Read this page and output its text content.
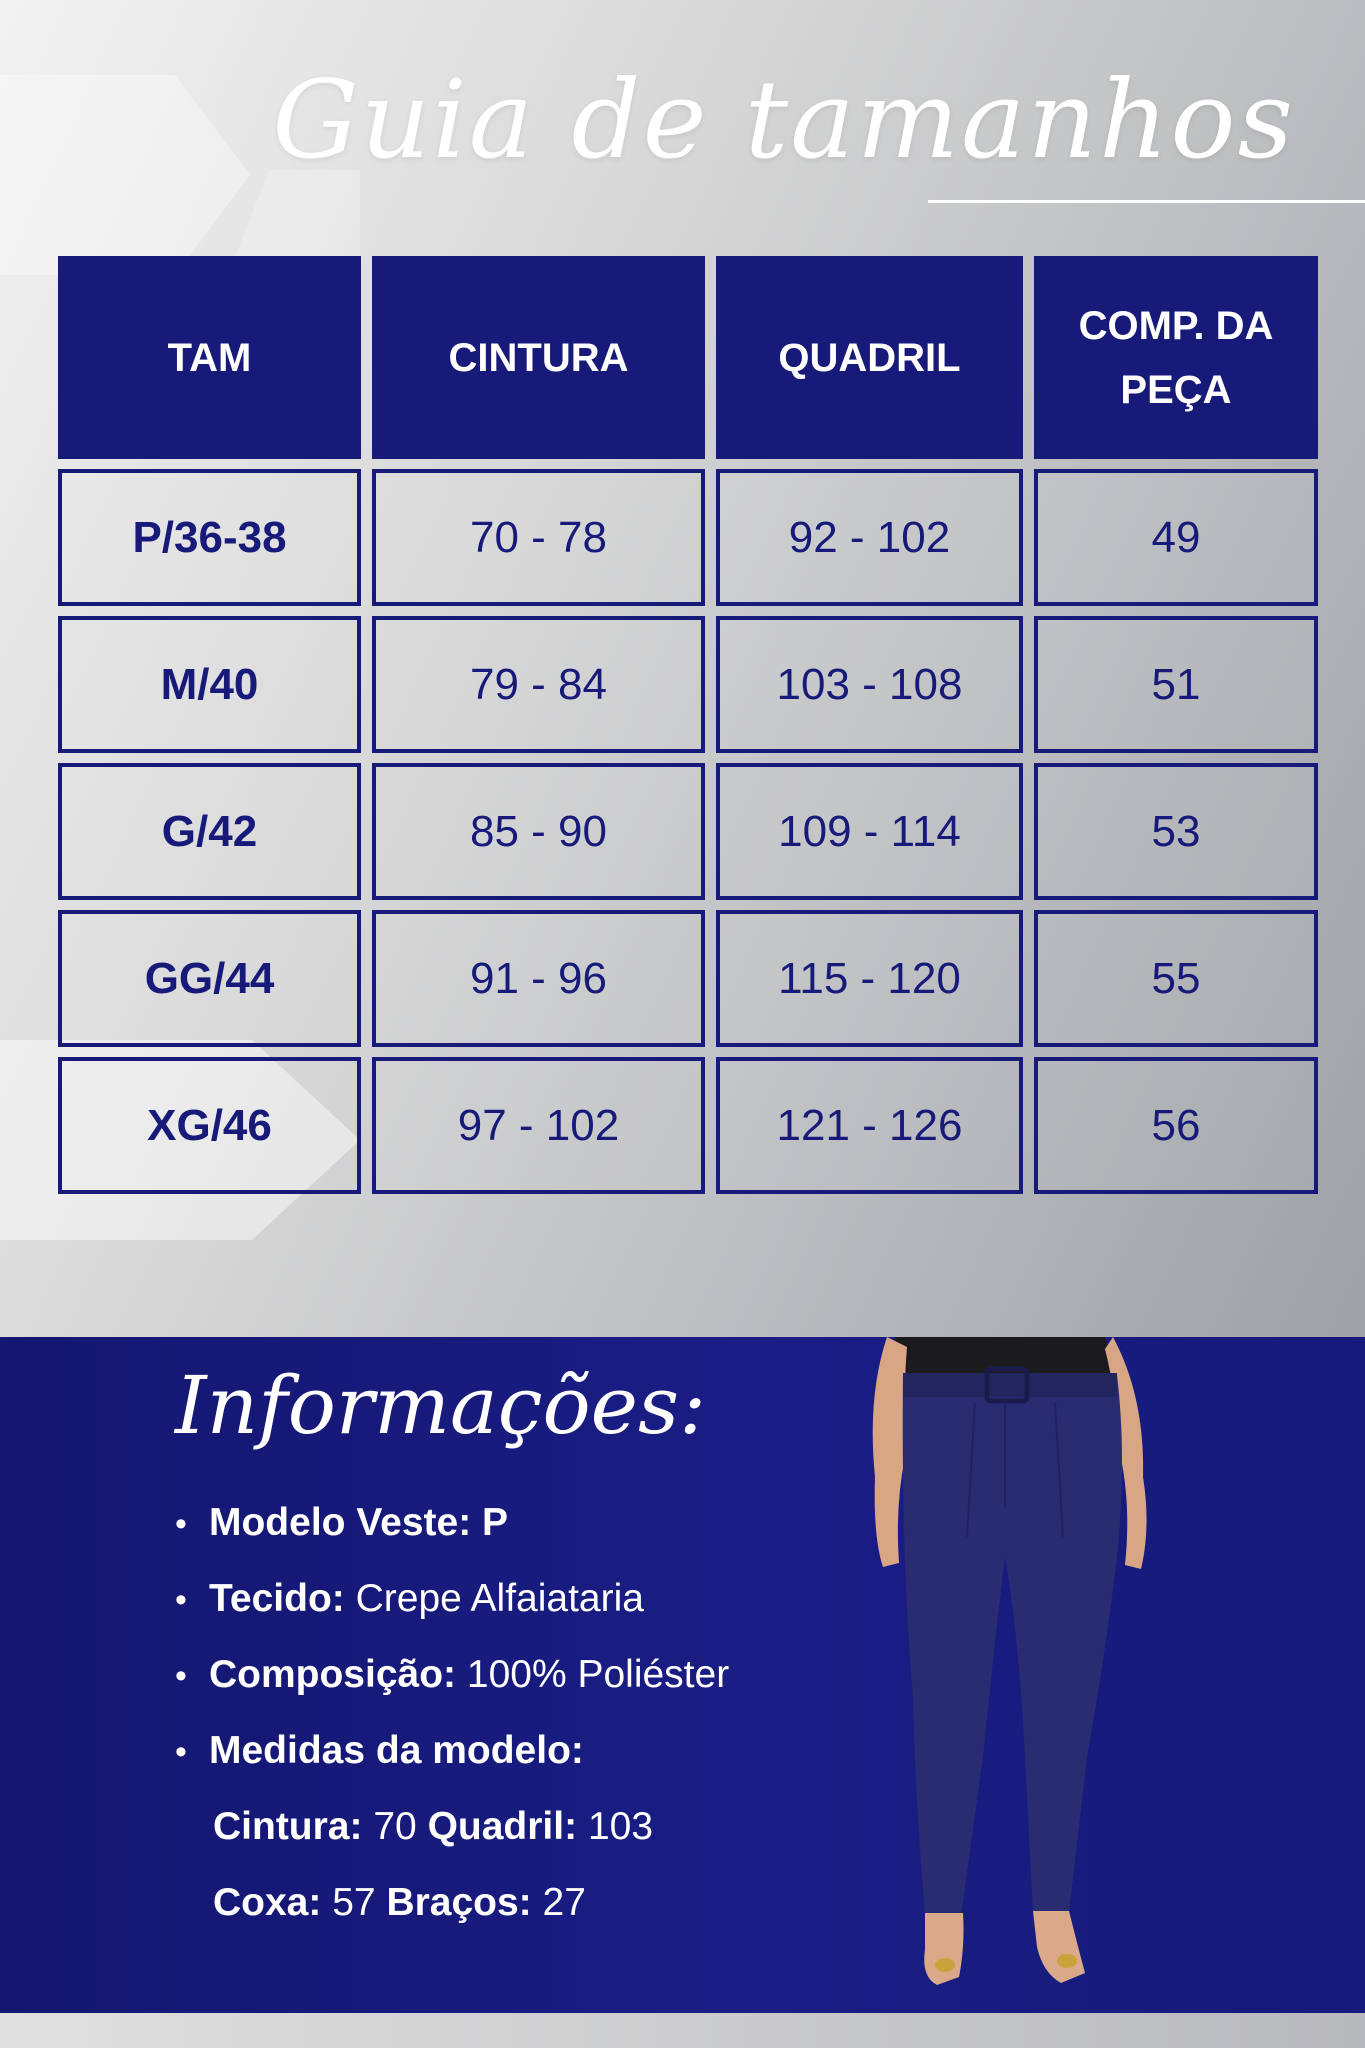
Guia de tamanhos
TAM	CINTURA	QUADRIL	COMP. DA PEÇA
P/36-38	70 - 78	92 - 102	49
M/40	79 - 84	103 - 108	51
G/42	85 - 90	109 - 114	53
GG/44	91 - 96	115 - 120	55
XG/46	97 - 102	121 - 126	56
Informações:
• Modelo Veste: P
• Tecido: Crepe Alfaiataria
• Composição: 100% Poliéster
• Medidas da modelo:
Cintura: 70 Quadril: 103
Coxa: 57 Braços: 27
